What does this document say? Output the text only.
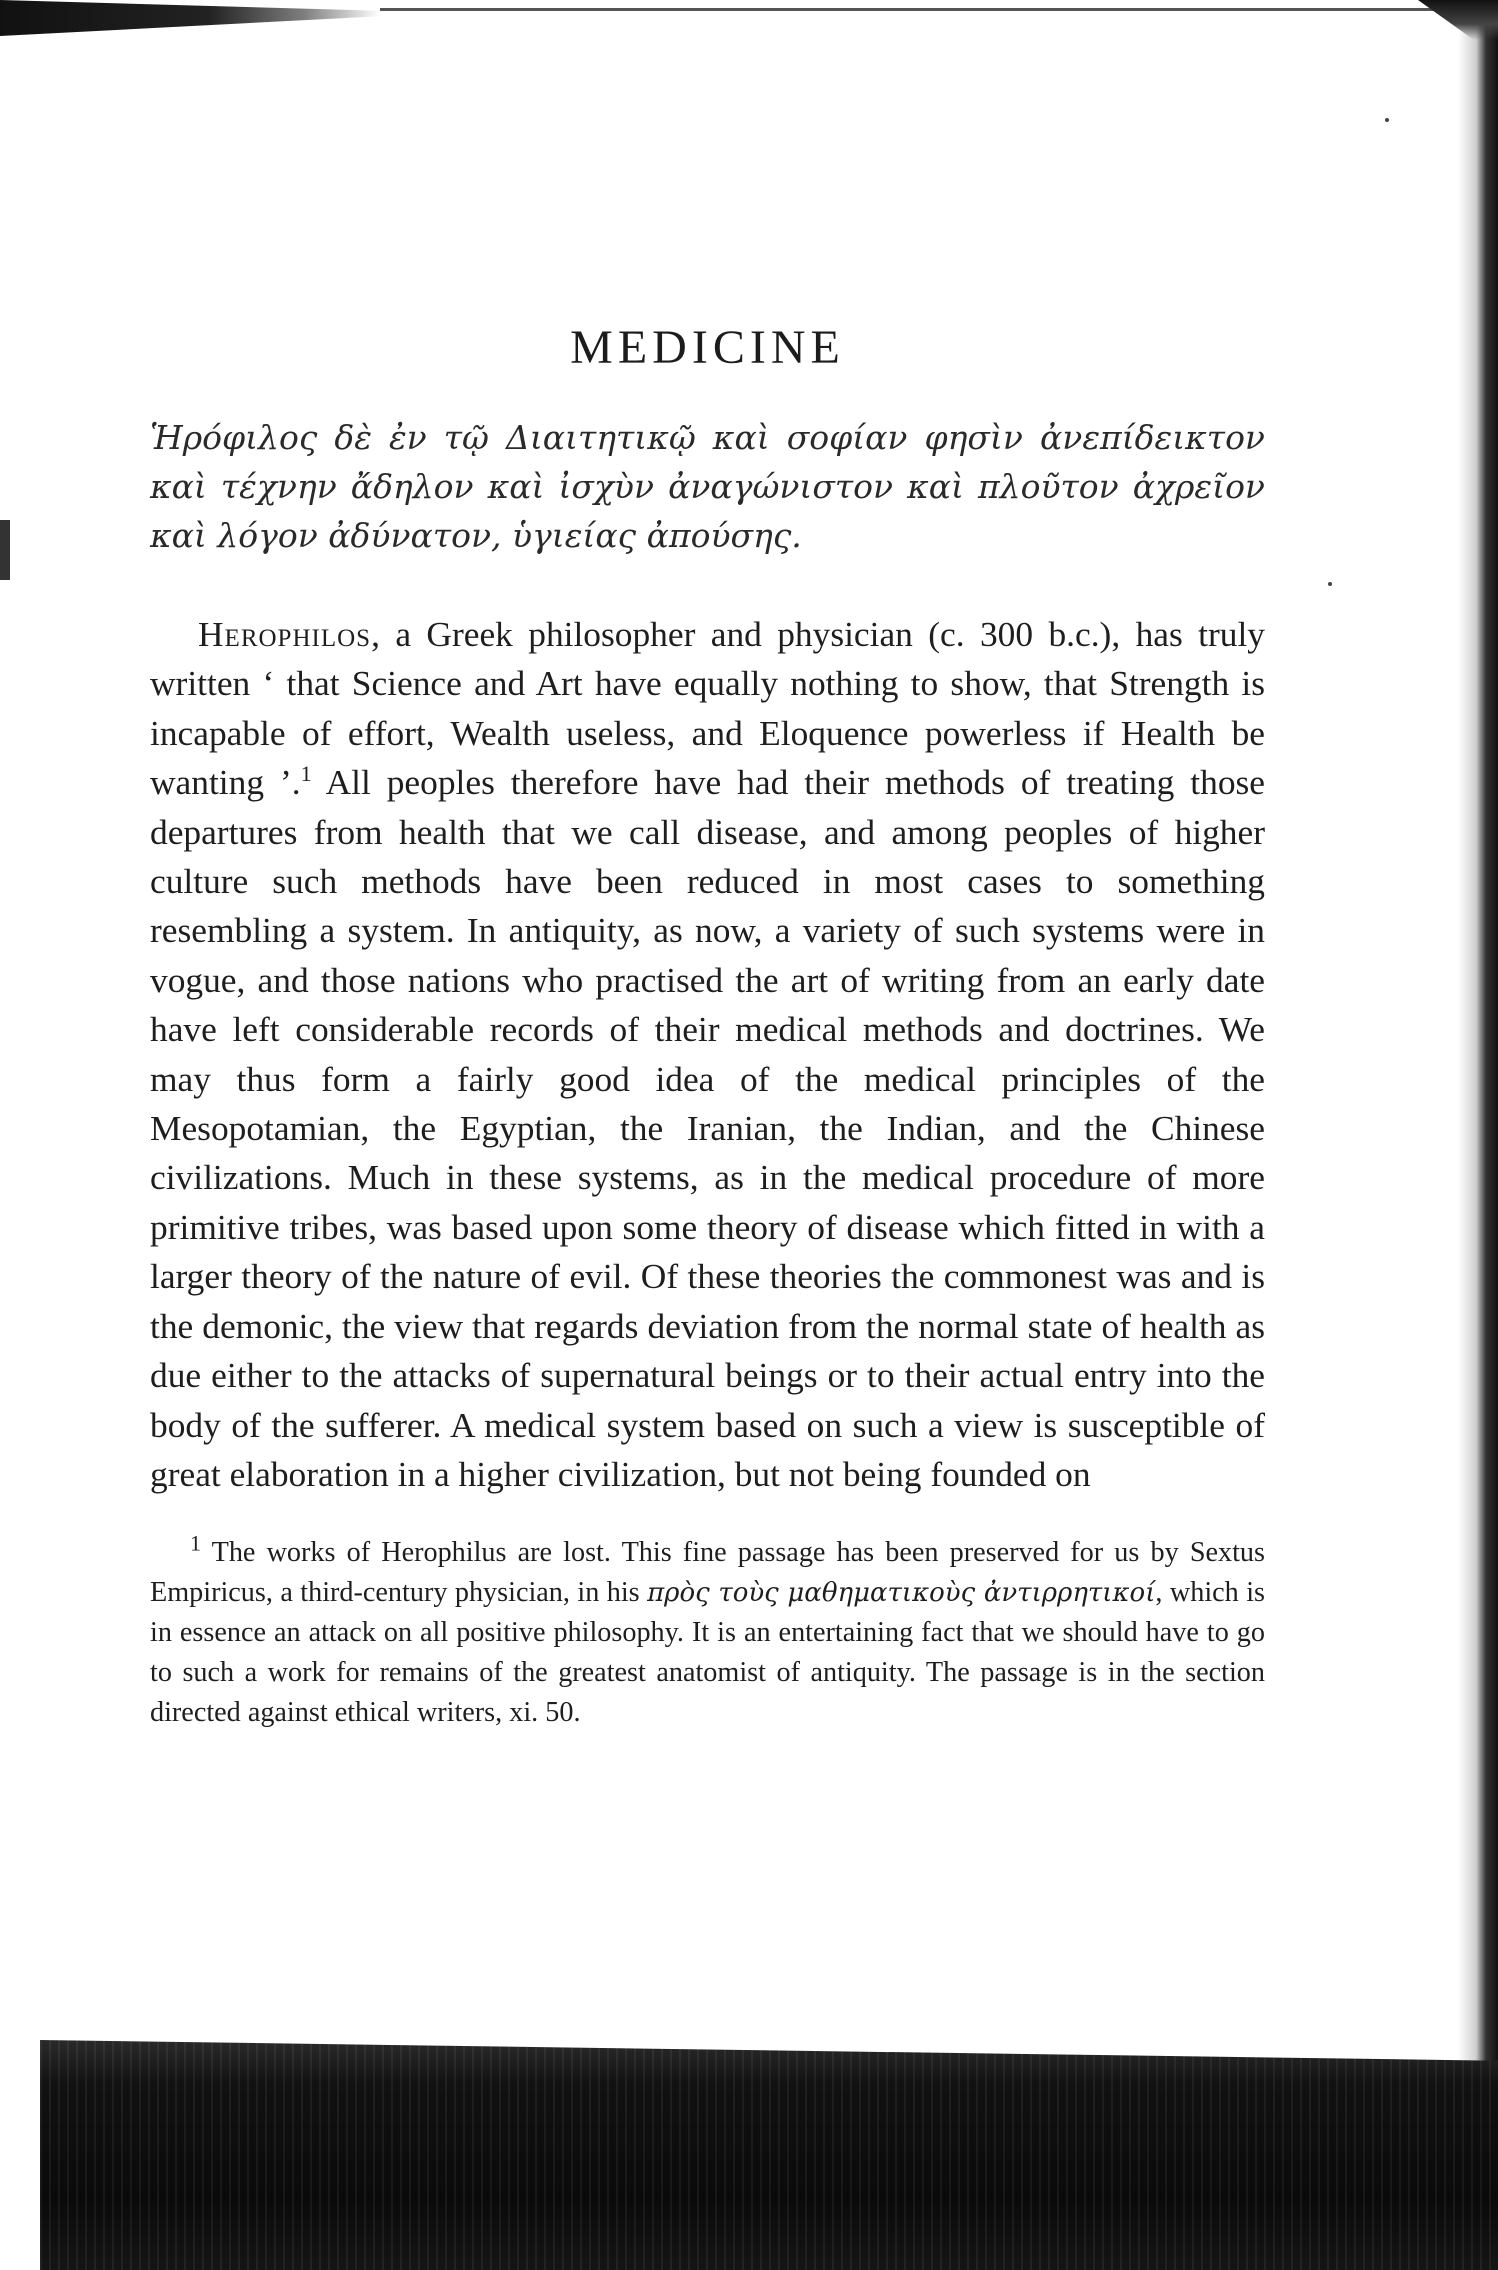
MEDICINE
Ἡρόφιλος δὲ ἐν τῷ Διαιτητικῷ καὶ σοφίαν φησὶν ἀνεπίδεικτον καὶ τέχνην ἄδηλον καὶ ἰσχὺν ἀναγώνιστον καὶ πλοῦτον ἀχρεῖον καὶ λόγον ἀδύνατον, ὑγιείας ἀπούσης.

Herophilos, a Greek philosopher and physician (c. 300 b.c.), has truly written ‘ that Science and Art have equally nothing to show, that Strength is incapable of effort, Wealth useless, and Eloquence powerless if Health be wanting ’.$^1$ All peoples therefore have had their methods of treating those departures from health that we call disease, and among peoples of higher culture such methods have been reduced in most cases to something resembling a system. In antiquity, as now, a variety of such systems were in vogue, and those nations who practised the art of writing from an early date have left considerable records of their medical methods and doctrines. We may thus form a fairly good idea of the medical principles of the Mesopotamian, the Egyptian, the Iranian, the Indian, and the Chinese civilizations. Much in these systems, as in the medical procedure of more primitive tribes, was based upon some theory of disease which fitted in with a larger theory of the nature of evil. Of these theories the commonest was and is the demonic, the view that regards deviation from the normal state of health as due either to the attacks of supernatural beings or to their actual entry into the body of the sufferer. A medical system based on such a view is susceptible of great elaboration in a higher civilization, but not being founded on

$^1$ The works of Herophilus are lost. This fine passage has been preserved for us by Sextus Empiricus, a third-century physician, in his πρὸς τοὺς μαθηματικοὺς ἀντιρρητικοί, which is in essence an attack on all positive philosophy. It is an entertaining fact that we should have to go to such a work for remains of the greatest anatomist of antiquity. The passage is in the section directed against ethical writers, xi. 50.
